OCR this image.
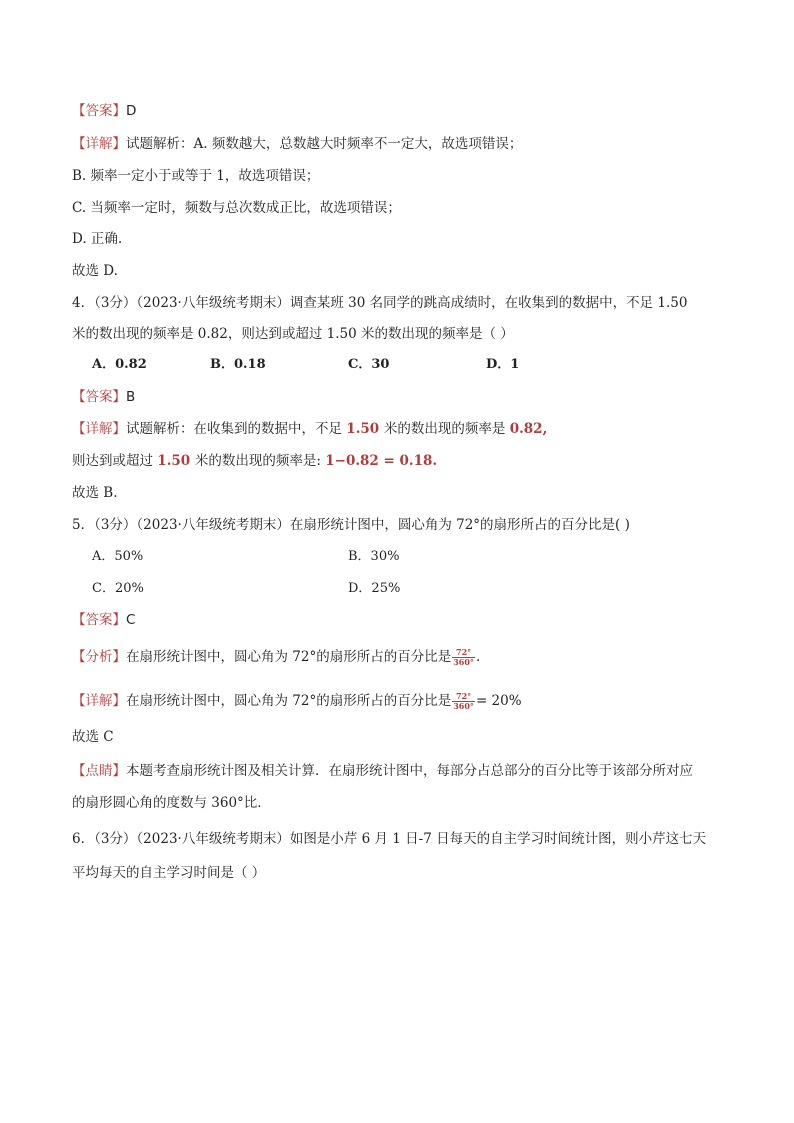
【答案】D
【详解】试题解析：A. 频数越大，总数越大时频率不一定大，故选项错误；
B. 频率一定小于或等于 1，故选项错误；
C. 当频率一定时，频数与总次数成正比，故选项错误；
D. 正确.
故选 D.
4．（3分）（2023·八年级统考期末）调查某班 30 名同学的跳高成绩时，在收集到的数据中，不足 1.50
米的数出现的频率是 0.82，则达到或超过 1.50 米的数出现的频率是（ ）
A．0.82	B．0.18	C．30	D．1
【答案】B
【详解】试题解析：在收集到的数据中，不足 1.50 米的数出现的频率是 0.82,
则达到或超过 1.50 米的数出现的频率是: 1−0.82 = 0.18.
故选 B.
5．（3分）（2023·八年级统考期末）在扇形统计图中，圆心角为 72°的扇形所占的百分比是( )
A．50%	B．30%
C．20%	D．25%
【答案】C
【分析】在扇形统计图中，圆心角为 72°的扇形所占的百分比是 $\frac{72^\circ}{360^\circ}$ .
【详解】在扇形统计图中，圆心角为 72°的扇形所占的百分比是 $\frac{72^\circ}{360^\circ} = 20\%$
故选 C
【点睛】本题考查扇形统计图及相关计算．在扇形统计图中，每部分占总部分的百分比等于该部分所对应
的扇形圆心角的度数与 360°比．
6．（3分）（2023·八年级统考期末）如图是小芹 6 月 1 日-7 日每天的自主学习时间统计图，则小芹这七天
平均每天的自主学习时间是（ ）
